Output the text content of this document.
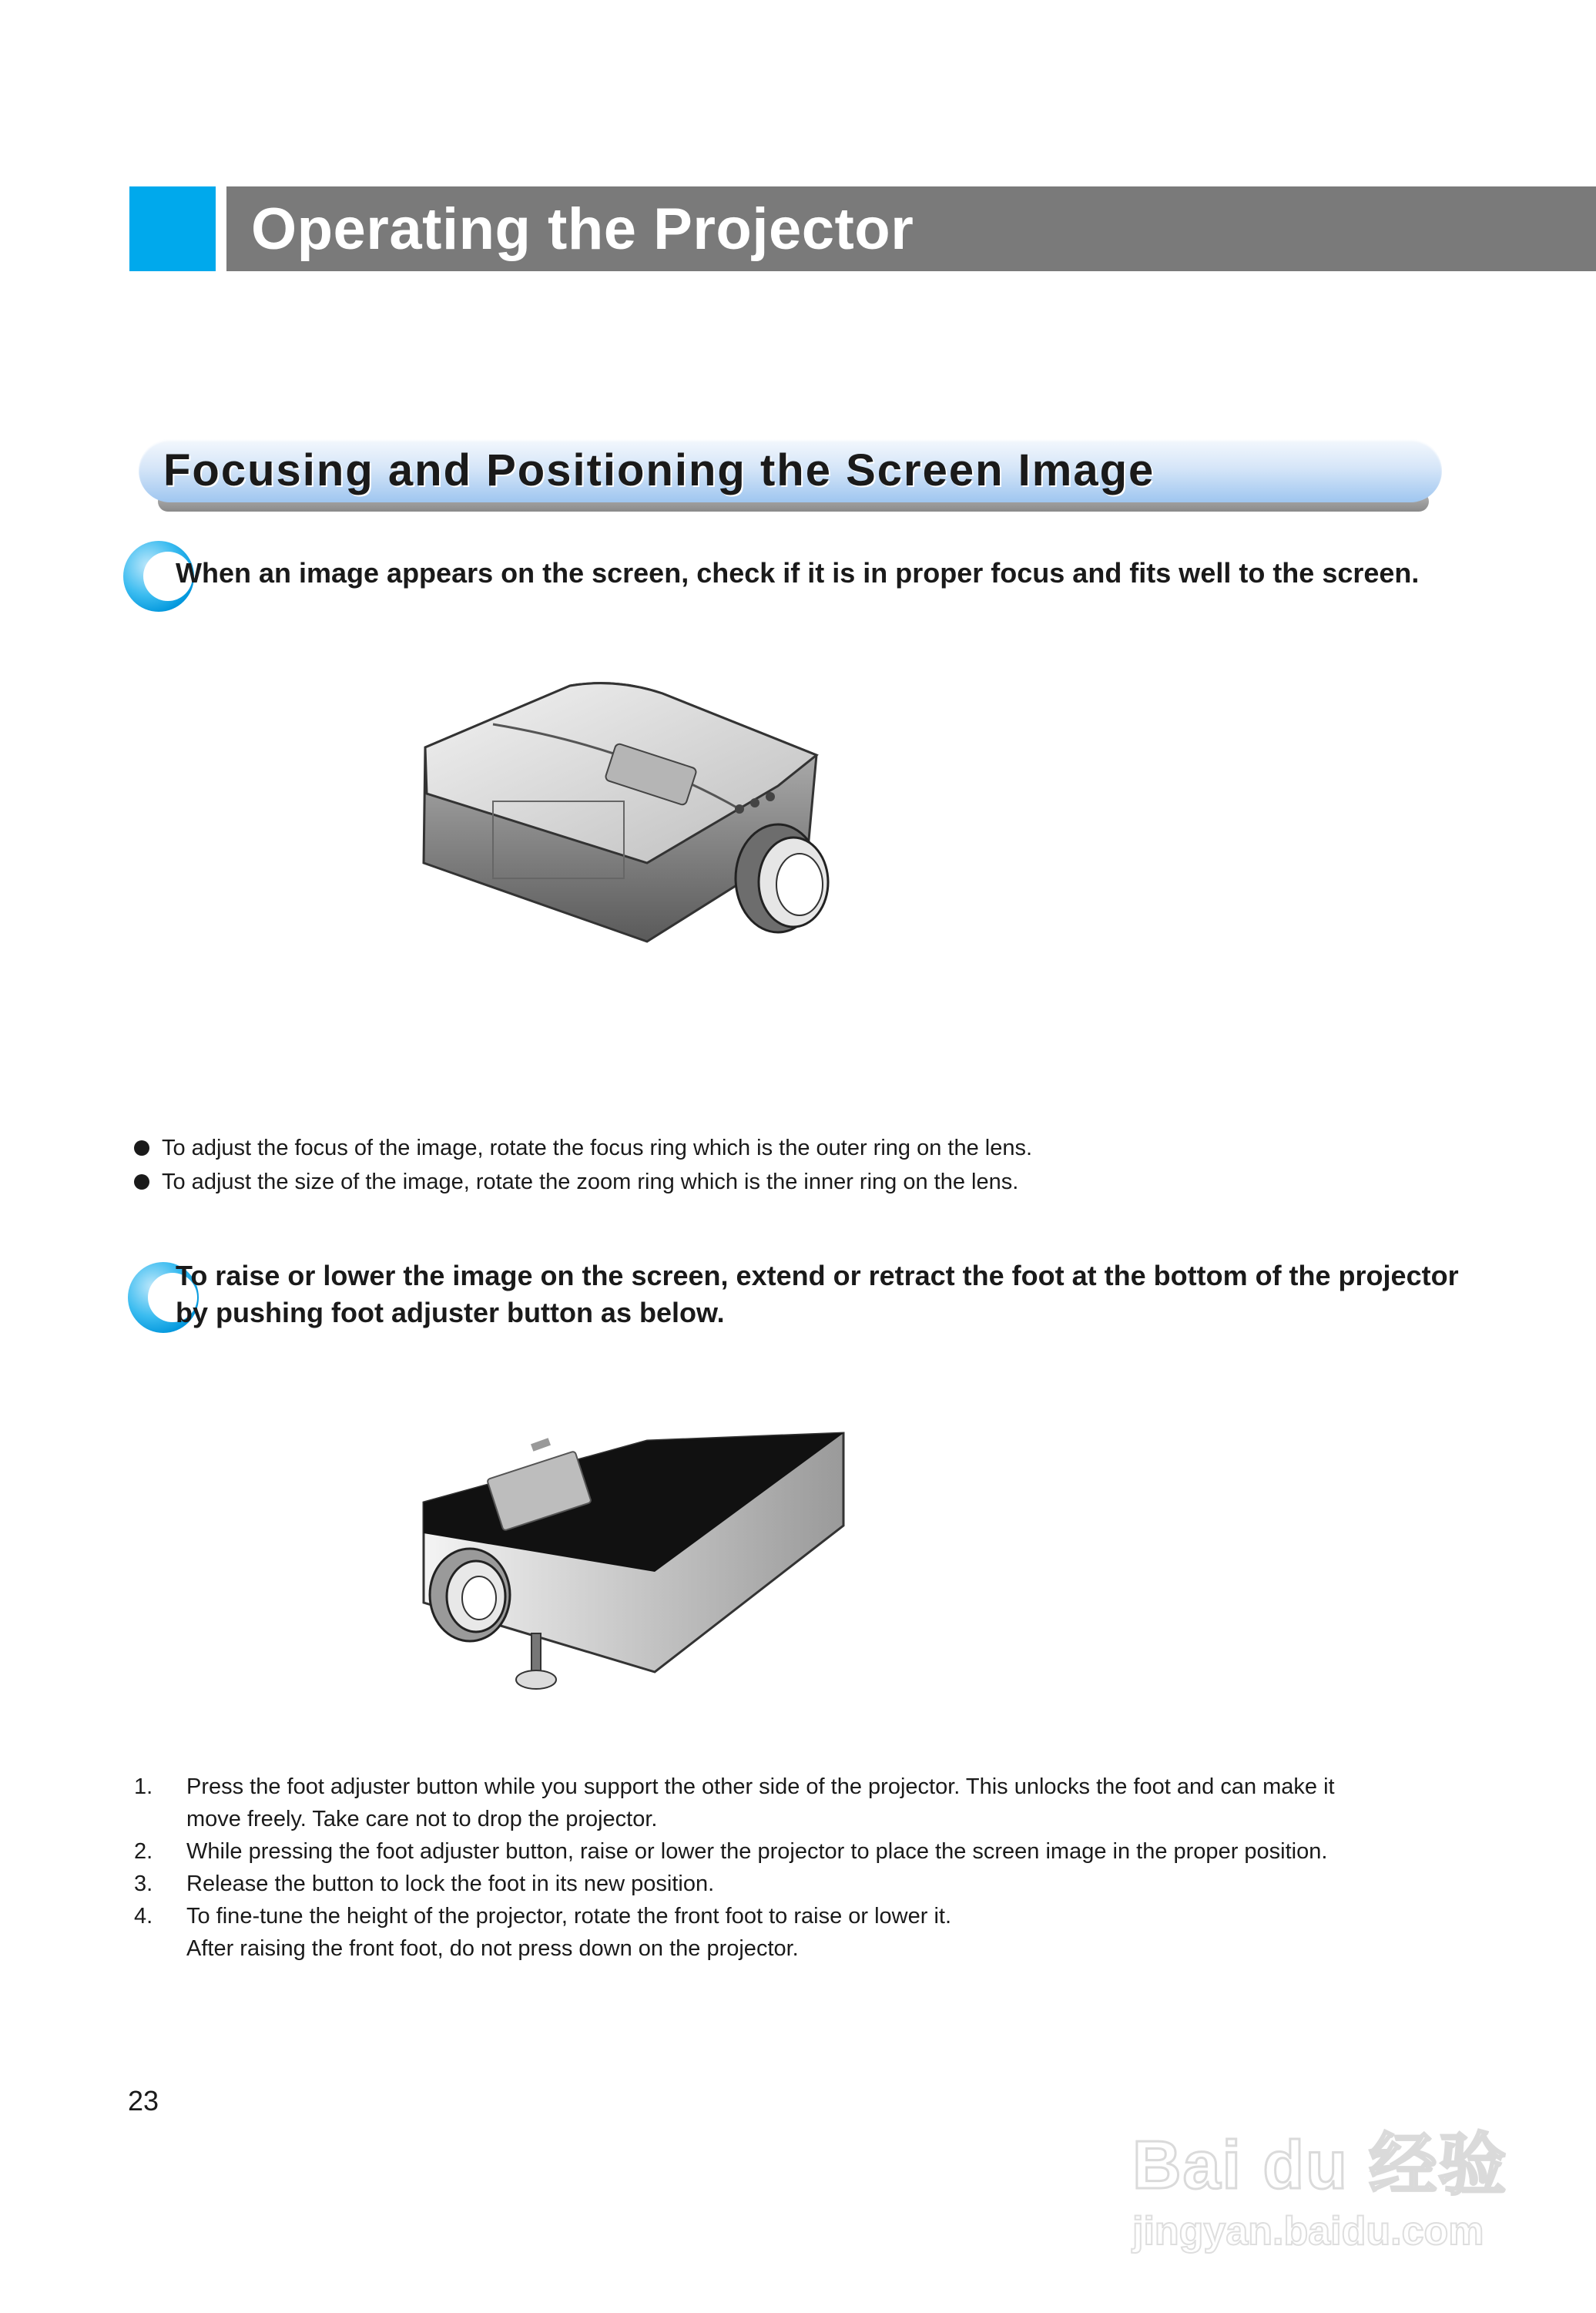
Operating the Projector
Focusing and Positioning the Screen Image
When an image appears on the screen, check if it is in proper focus and fits well to the screen.
To adjust the focus of the image, rotate the focus ring which is the outer ring on the lens.
To adjust the size of the image, rotate the zoom ring which is the inner ring on the lens.
To raise or lower the image on the screen, extend or retract the foot at the bottom of the projector
by pushing foot adjuster button as below.
1. Press the foot adjuster button while you support the other side of the projector. This unlocks the foot and can make it
move freely. Take care not to drop the projector.
2. While pressing the foot adjuster button, raise or lower the projector to place the screen image in the proper position.
3. Release the button to lock the foot in its new position.
4. To fine-tune the height of the projector, rotate the front foot to raise or lower it.
After raising the front foot, do not press down on the projector.
23
Bai du 经验
jingyan.baidu.com
